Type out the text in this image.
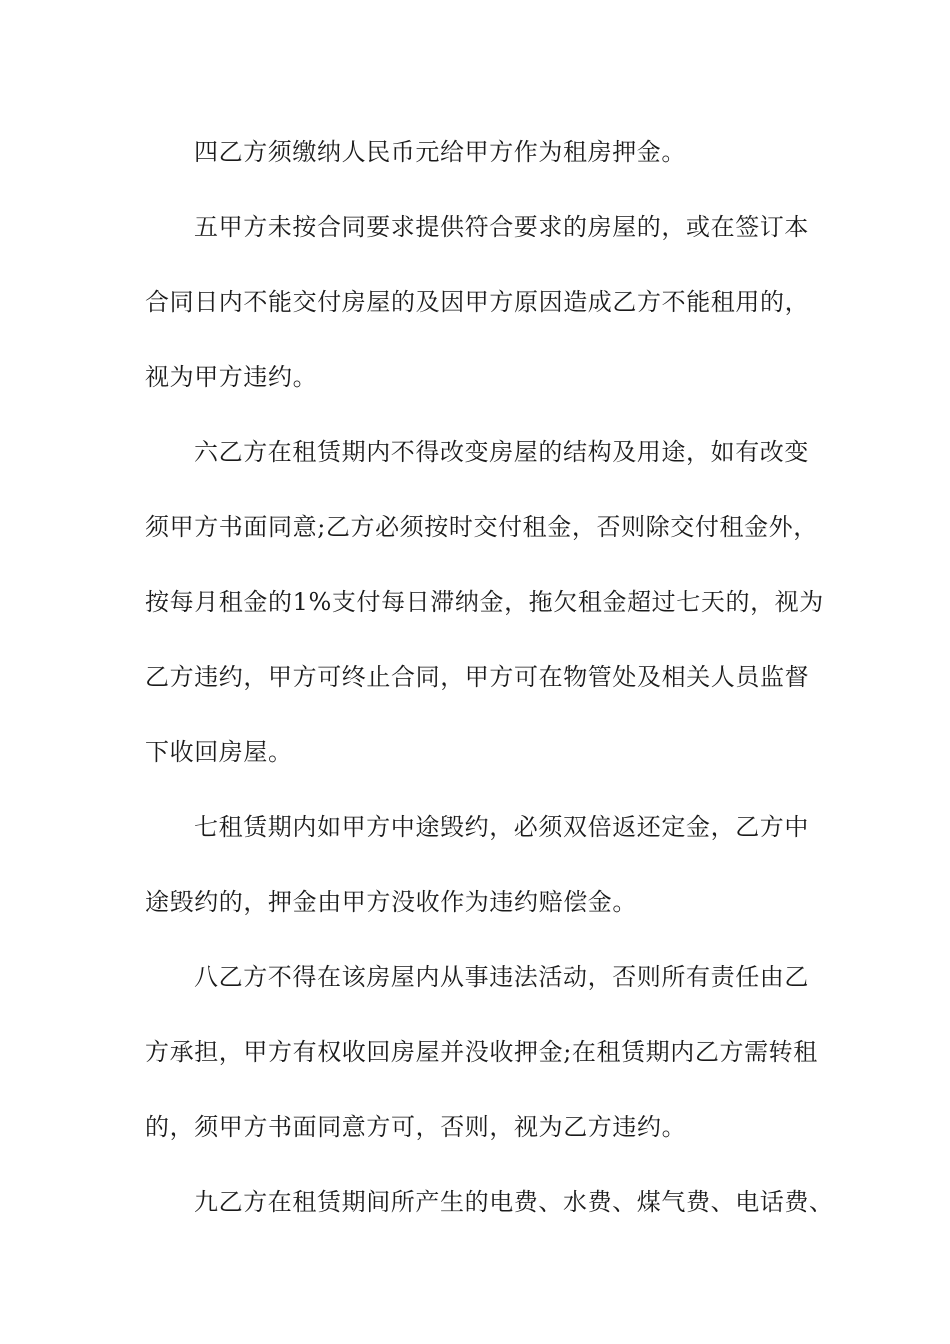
四乙方须缴纳人民币元给甲方作为租房押金。
五甲方未按合同要求提供符合要求的房屋的，或在签订本
合同日内不能交付房屋的及因甲方原因造成乙方不能租用的，
视为甲方违约。
六乙方在租赁期内不得改变房屋的结构及用途，如有改变
须甲方书面同意;乙方必须按时交付租金，否则除交付租金外，
按每月租金的1%支付每日滞纳金，拖欠租金超过七天的，视为
乙方违约，甲方可终止合同，甲方可在物管处及相关人员监督
下收回房屋。
七租赁期内如甲方中途毁约，必须双倍返还定金，乙方中
途毁约的，押金由甲方没收作为违约赔偿金。
八乙方不得在该房屋内从事违法活动，否则所有责任由乙
方承担，甲方有权收回房屋并没收押金;在租赁期内乙方需转租
的，须甲方书面同意方可，否则，视为乙方违约。
九乙方在租赁期间所产生的电费、水费、煤气费、电话费、
